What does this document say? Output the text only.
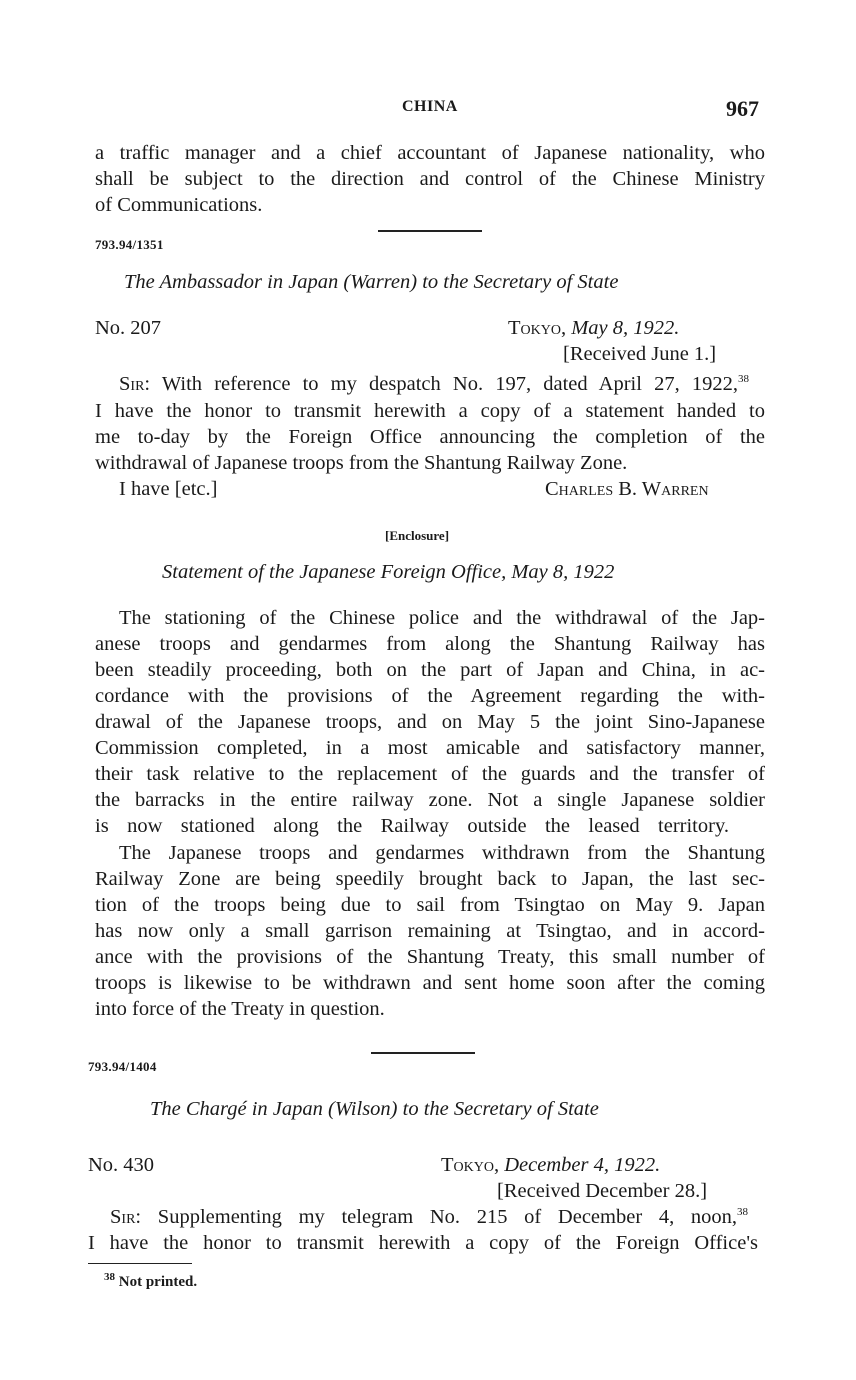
CHINA	967
a traffic manager and a chief accountant of Japanese nationality, who
shall be subject to the direction and control of the Chinese Ministry
of Communications.
793.94/1351
The Ambassador in Japan (Warren) to the Secretary of State
No. 207	Tokyo, May 8, 1922.
[Received June 1.]
Sir: With reference to my despatch No. 197, dated April 27, 1922,38
I have the honor to transmit herewith a copy of a statement handed to
me to-day by the Foreign Office announcing the completion of the
withdrawal of Japanese troops from the Shantung Railway Zone.
I have [etc.]	Charles B. Warren
[Enclosure]
Statement of the Japanese Foreign Office, May 8, 1922
The stationing of the Chinese police and the withdrawal of the Jap-
anese troops and gendarmes from along the Shantung Railway has
been steadily proceeding, both on the part of Japan and China, in ac-
cordance with the provisions of the Agreement regarding the with-
drawal of the Japanese troops, and on May 5 the joint Sino-Japanese
Commission completed, in a most amicable and satisfactory manner,
their task relative to the replacement of the guards and the transfer of
the barracks in the entire railway zone. Not a single Japanese soldier
is now stationed along the Railway outside the leased territory.
The Japanese troops and gendarmes withdrawn from the Shantung
Railway Zone are being speedily brought back to Japan, the last sec-
tion of the troops being due to sail from Tsingtao on May 9. Japan
has now only a small garrison remaining at Tsingtao, and in accord-
ance with the provisions of the Shantung Treaty, this small number of
troops is likewise to be withdrawn and sent home soon after the coming
into force of the Treaty in question.
793.94/1404
The Chargé in Japan (Wilson) to the Secretary of State
No. 430	Tokyo, December 4, 1922.
[Received December 28.]
Sir: Supplementing my telegram No. 215 of December 4, noon,$^{38}$
I have the honor to transmit herewith a copy of the Foreign Office's
$^{38}$ Not printed.
